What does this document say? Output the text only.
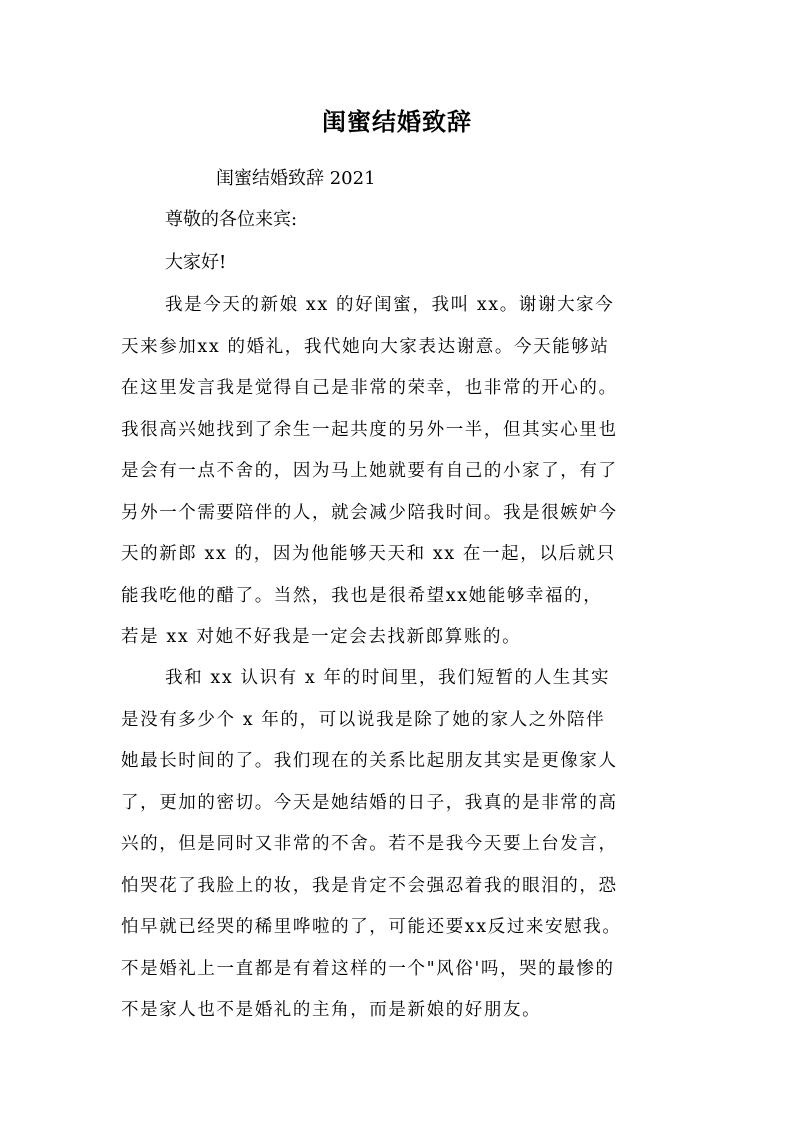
闺蜜结婚致辞

闺蜜结婚致辞 2021

尊敬的各位来宾:

大家好!

我是今天的新娘 xx 的好闺蜜，我叫 xx。谢谢大家今
天来参加xx 的婚礼，我代她向大家表达谢意。今天能够站
在这里发言我是觉得自己是非常的荣幸，也非常的开心的。
我很高兴她找到了余生一起共度的另外一半，但其实心里也
是会有一点不舍的，因为马上她就要有自己的小家了，有了
另外一个需要陪伴的人，就会减少陪我时间。我是很嫉妒今
天的新郎 xx 的，因为他能够天天和 xx 在一起，以后就只
能我吃他的醋了。当然，我也是很希望xx她能够幸福的，
若是 xx 对她不好我是一定会去找新郎算账的。
我和 xx 认识有 x 年的时间里，我们短暂的人生其实
是没有多少个 x 年的，可以说我是除了她的家人之外陪伴
她最长时间的了。我们现在的关系比起朋友其实是更像家人
了，更加的密切。今天是她结婚的日子，我真的是非常的高
兴的，但是同时又非常的不舍。若不是我今天要上台发言，
怕哭花了我脸上的妆，我是肯定不会强忍着我的眼泪的，恐
怕早就已经哭的稀里哗啦的了，可能还要xx反过来安慰我。
不是婚礼上一直都是有着这样的一个"风俗'吗，哭的最惨的
不是家人也不是婚礼的主角，而是新娘的好朋友。
